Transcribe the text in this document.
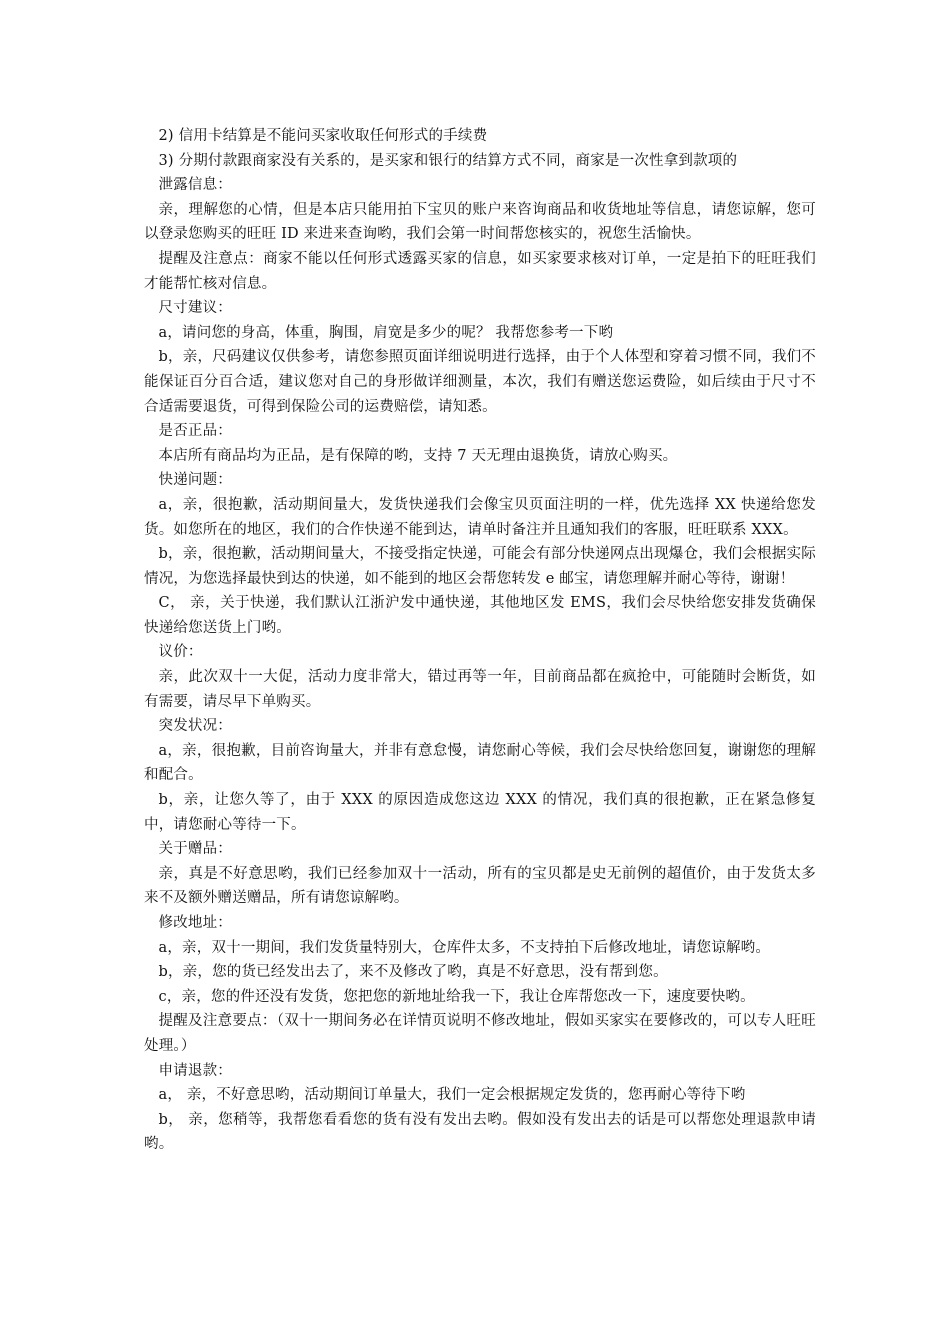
2) 信用卡结算是不能问买家收取任何形式的手续费

3) 分期付款跟商家没有关系的，是买家和银行的结算方式不同，商家是一次性拿到款项的

泄露信息：

亲，理解您的心情，但是本店只能用拍下宝贝的账户来咨询商品和收货地址等信息，请您谅解，您可以登录您购买的旺旺 ID 来进来查询哟，我们会第一时间帮您核实的，祝您生活愉快。

提醒及注意点：商家不能以任何形式透露买家的信息，如买家要求核对订单，一定是拍下的旺旺我们才能帮忙核对信息。

尺寸建议：

a，请问您的身高，体重，胸围，肩宽是多少的呢？ 我帮您参考一下哟

b，亲，尺码建议仅供参考，请您参照页面详细说明进行选择，由于个人体型和穿着习惯不同，我们不能保证百分百合适，建议您对自己的身形做详细测量，本次，我们有赠送您运费险，如后续由于尺寸不合适需要退货，可得到保险公司的运费赔偿，请知悉。

是否正品：

本店所有商品均为正品，是有保障的哟，支持 7 天无理由退换货，请放心购买。

快递问题：

a，亲，很抱歉，活动期间量大，发货快递我们会像宝贝页面注明的一样，优先选择 XX 快递给您发货。如您所在的地区，我们的合作快递不能到达，请单时备注并且通知我们的客服，旺旺联系 XXX。

b，亲，很抱歉，活动期间量大，不接受指定快递，可能会有部分快递网点出现爆仓，我们会根据实际情况，为您选择最快到达的快递，如不能到的地区会帮您转发 e 邮宝，请您理解并耐心等待，谢谢！

C， 亲，关于快递，我们默认江浙沪发中通快递，其他地区发 EMS，我们会尽快给您安排发货确保快递给您送货上门哟。

议价：

亲，此次双十一大促，活动力度非常大，错过再等一年，目前商品都在疯抢中，可能随时会断货，如有需要，请尽早下单购买。

突发状况：

a，亲，很抱歉，目前咨询量大，并非有意怠慢，请您耐心等候，我们会尽快给您回复，谢谢您的理解和配合。

b，亲，让您久等了，由于 XXX 的原因造成您这边 XXX 的情况，我们真的很抱歉，正在紧急修复中，请您耐心等待一下。

关于赠品：

亲，真是不好意思哟，我们已经参加双十一活动，所有的宝贝都是史无前例的超值价，由于发货太多来不及额外赠送赠品，所有请您谅解哟。

修改地址：

a，亲，双十一期间，我们发货量特别大，仓库件太多，不支持拍下后修改地址，请您谅解哟。

b，亲，您的货已经发出去了，来不及修改了哟，真是不好意思，没有帮到您。

c，亲，您的件还没有发货，您把您的新地址给我一下，我让仓库帮您改一下，速度要快哟。

提醒及注意要点：（双十一期间务必在详情页说明不修改地址，假如买家实在要修改的，可以专人旺旺处理。）

申请退款：

a， 亲，不好意思哟，活动期间订单量大，我们一定会根据规定发货的，您再耐心等待下哟

b， 亲，您稍等，我帮您看看您的货有没有发出去哟。假如没有发出去的话是可以帮您处理退款申请哟。
